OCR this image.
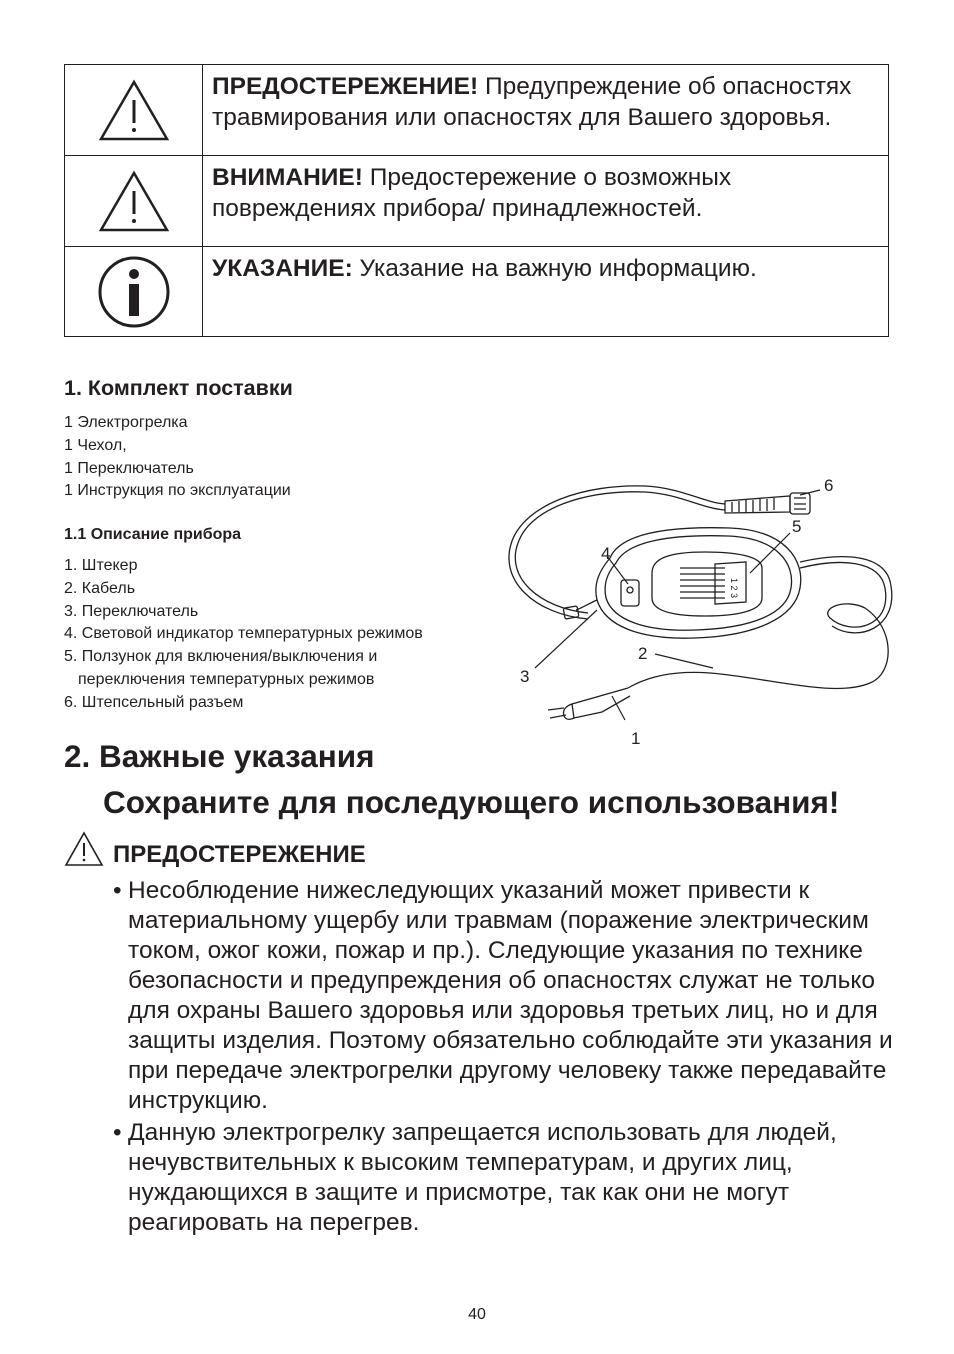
ПРЕДОСТЕРЕЖЕНИЕ! Предупреждение об опасностях травмирования или опасностях для Вашего здоровья.
ВНИМАНИЕ! Предостережение о возможных повреждениях прибора/ принадлежностей.
УКАЗАНИЕ: Указание на важную информацию.
1. Комплект поставки
1 Электрогрелка
1 Чехол,
1 Переключатель
1 Инструкция по эксплуатации
1.1 Описание прибора
1. Штекер
2. Кабель
3. Переключатель
4. Световой индикатор температурных режимов
5. Ползунок для включения/выключения и
переключения температурных режимов
6. Штепсельный разъем
1 2 3
1
2
3
4
5
6
2. Важные указания
Сохраните для последующего использования!
ПРЕДОСТЕРЕЖЕНИЕ
• Несоблюдение нижеследующих указаний может привести к материальному ущербу или травмам (поражение электрическим током, ожог кожи, пожар и пр.). Следующие указания по технике безопасности и предупреждения об опасностях служат не только для охраны Вашего здоровья или здоровья третьих лиц, но и для защиты изделия. Поэтому обязательно соблюдайте эти указания и при передаче электрогрелки другому человеку также передавайте инструкцию.
• Данную электрогрелку запрещается использовать для людей, нечувствительных к высоким температурам, и других лиц, нуждающихся в защите и присмотре, так как они не могут реагировать на перегрев.
40
